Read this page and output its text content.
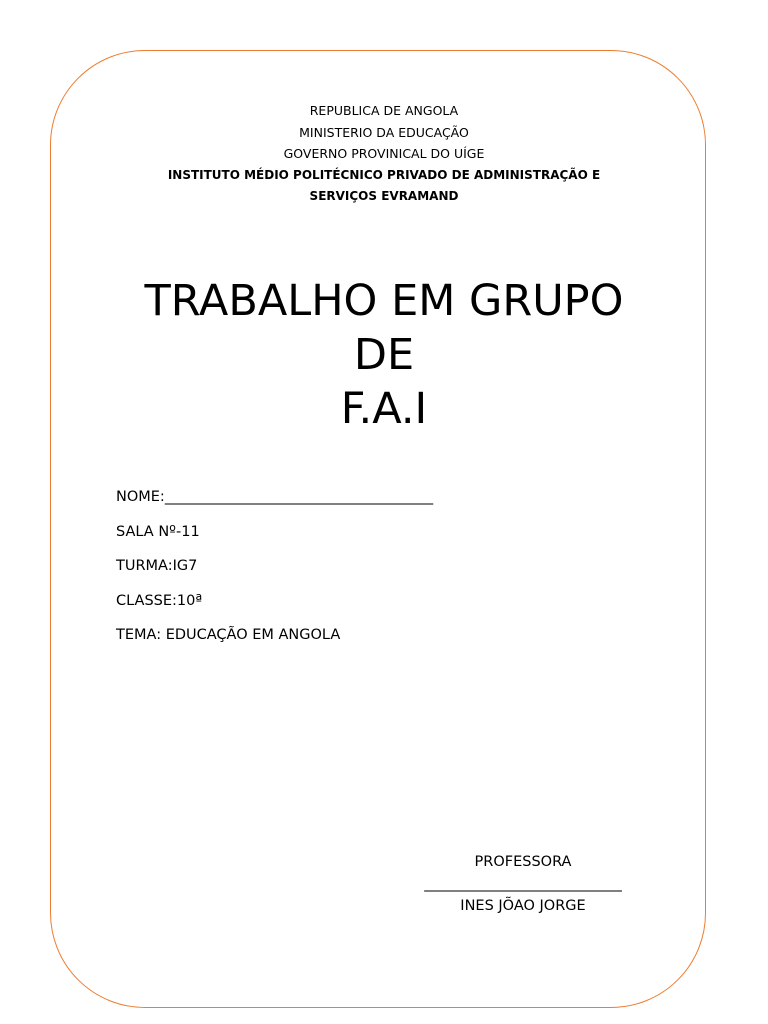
REPUBLICA DE ANGOLA
MINISTERIO DA EDUCAÇÃO
GOVERNO PROVINICAL DO UÍGE
INSTITUTO MÉDIO POLITÉCNICO PRIVADO DE ADMINISTRAÇÃO E
SERVIÇOS EVRAMAND
TRABALHO EM GRUPO
DE
F.A.I
NOME:_____________________________________
SALA Nº-11
TURMA:IG7
CLASSE:10ª
TEMA: EDUCAÇÃO EM ANGOLA
PROFESSORA
____________________________
INES JÕAO JORGE
